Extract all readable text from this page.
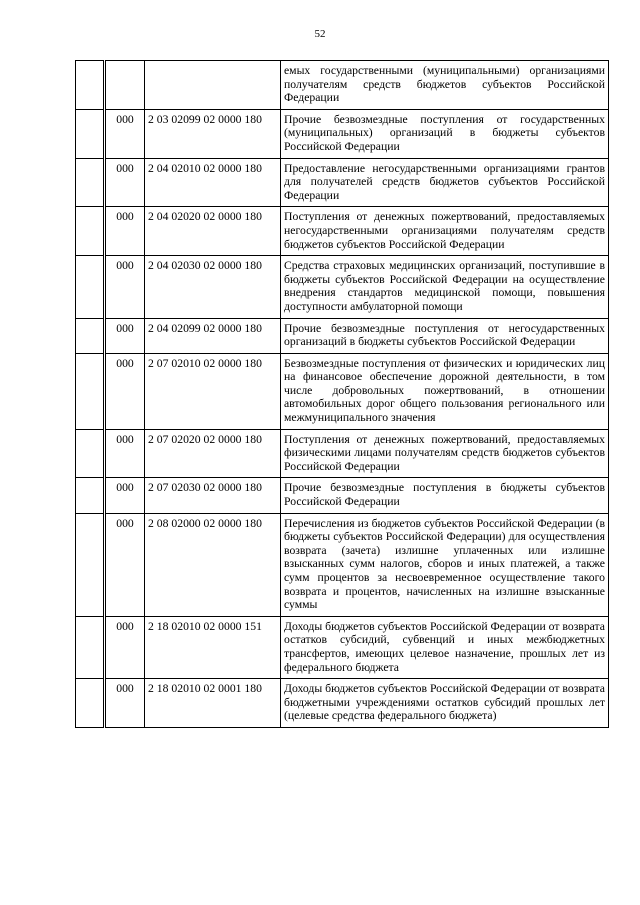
52
			емых государственными (муниципальными) организациями получателям средств бюджетов субъектов Российской Федерации
	000	2 03 02099 02 0000 180	Прочие безвозмездные поступления от государственных (муниципальных) организаций в бюджеты субъектов Российской Федерации
	000	2 04 02010 02 0000 180	Предоставление негосударственными организациями грантов для получателей средств бюджетов субъектов Российской Федерации
	000	2 04 02020 02 0000 180	Поступления от денежных пожертвований, предоставляемых негосударственными организациями получателям средств бюджетов субъектов Российской Федерации
	000	2 04 02030 02 0000 180	Средства страховых медицинских организаций, поступившие в бюджеты субъектов Российской Федерации на осуществление внедрения стандартов медицинской помощи, повышения доступности амбулаторной помощи
	000	2 04 02099 02 0000 180	Прочие безвозмездные поступления от негосударственных организаций в бюджеты субъектов Российской Федерации
	000	2 07 02010 02 0000 180	Безвозмездные поступления от физических и юридических лиц на финансовое обеспечение дорожной деятельности, в том числе добровольных пожертвований, в отношении автомобильных дорог общего пользования регионального или межмуниципального значения
	000	2 07 02020 02 0000 180	Поступления от денежных пожертвований, предоставляемых физическими лицами получателям средств бюджетов субъектов Российской Федерации
	000	2 07 02030 02 0000 180	Прочие безвозмездные поступления в бюджеты субъектов Российской Федерации
	000	2 08 02000 02 0000 180	Перечисления из бюджетов субъектов Российской Федерации (в бюджеты субъектов Российской Федерации) для осуществления возврата (зачета) излишне уплаченных или излишне взысканных сумм налогов, сборов и иных платежей, а также сумм процентов за несвоевременное осуществление такого возврата и процентов, начисленных на излишне взысканные суммы
	000	2 18 02010 02 0000 151	Доходы бюджетов субъектов Российской Федерации от возврата остатков субсидий, субвенций и иных межбюджетных трансфертов, имеющих целевое назначение, прошлых лет из федерального бюджета
	000	2 18 02010 02 0001 180	Доходы бюджетов субъектов Российской Федерации от возврата бюджетными учреждениями остатков субсидий прошлых лет (целевые средства федерального бюджета)
